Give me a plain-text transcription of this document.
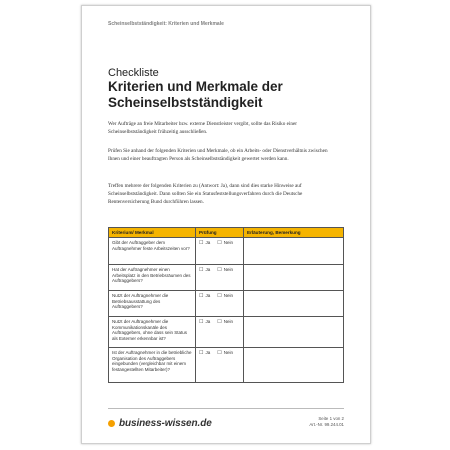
Scheinselbstständigkeit: Kriterien und Merkmale
Checkliste
Kriterien und Merkmale der Scheinselbstständigkeit
Wer Aufträge an freie Mitarbeiter bzw. externe Dienstleister vergibt, sollte das Risiko einer Scheinselbstständigkeit frühzeitig ausschließen.
Prüfen Sie anhand der folgenden Kriterien und Merkmale, ob ein Arbeits- oder Dienstverhältnis zwischen Ihnen und einer beauftragten Person als Scheinselbstständigkeit gewertet werden kann.
Treffen mehrere der folgenden Kriterien zu (Antwort: Ja), dann sind dies starke Hinweise auf Scheinselbstständigkeit. Dann sollten Sie ein Statusfeststellungsverfahren durch die Deutsche Rentenversicherung Bund durchführen lassen.
Kriterium/ Merkmal	Prüfung	Erläuterung, Bemerkung
Gibt der Auftraggeber dem Auftragnehmer feste Arbeitszeiten vor?	☐ Ja ☐ Nein	
Hat der Auftragnehmer einen Arbeitsplatz in den Betriebsräumen des Auftraggebers?	☐ Ja ☐ Nein	
Nutzt der Auftragnehmer die Betriebsausstattung des Auftraggebers?	☐ Ja ☐ Nein	
Nutzt der Auftragnehmer die Kommunikationskanäle des Auftraggebers, ohne dass sein Status als Externer erkennbar ist?	☐ Ja ☐ Nein	
Ist der Auftragnehmer in die betriebliche Organisation des Auftraggebers eingebunden (vergleichbar mit einem festangestellten Mitarbeiter)?	☐ Ja ☐ Nein	
business-wissen.de	Seite 1 von 2
Art.-Nr. 99.244.01
